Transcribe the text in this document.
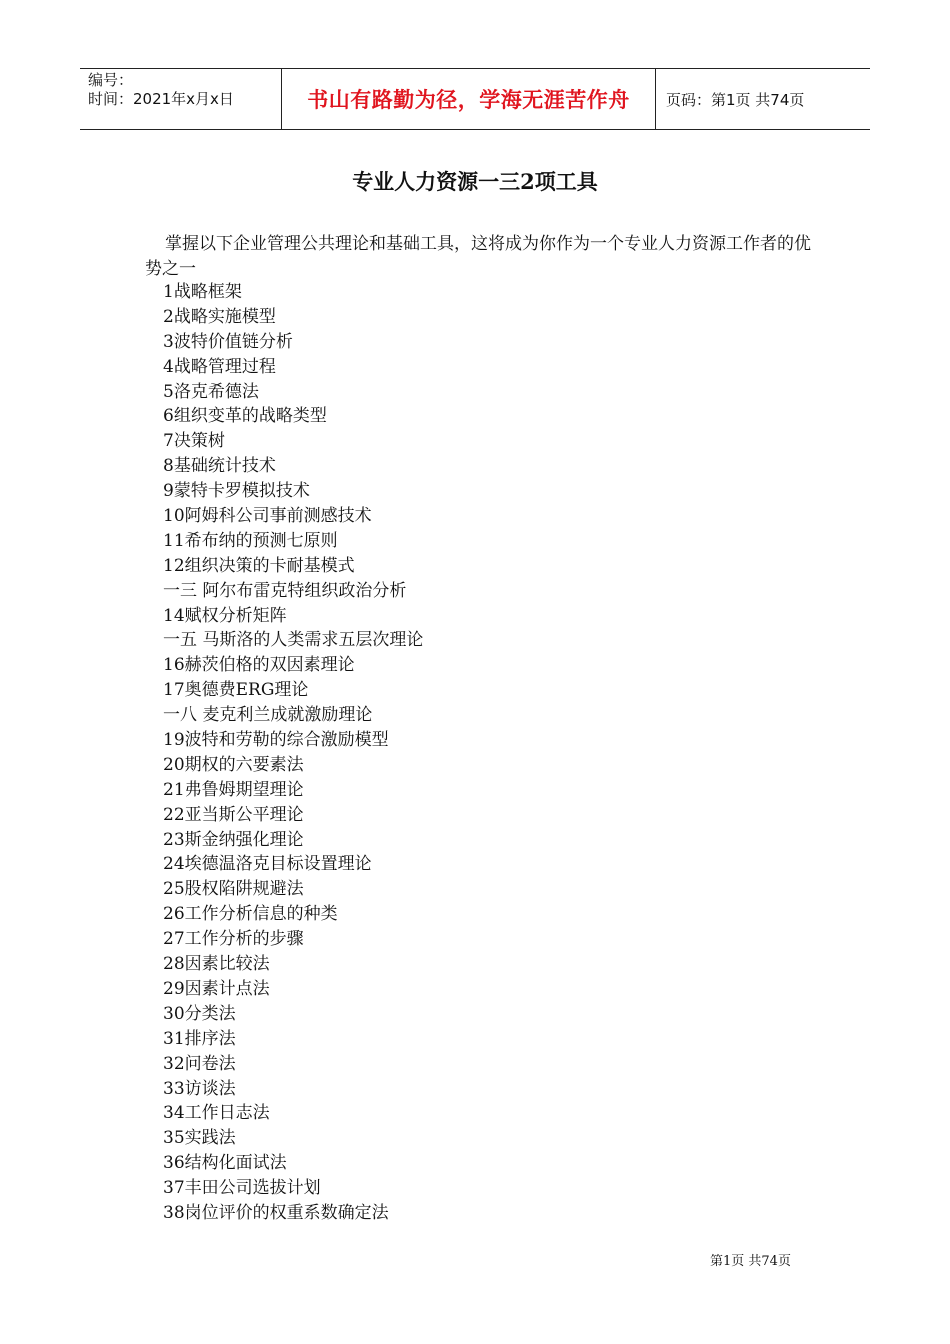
编号：
时间：2021年x月x日	书山有路勤为径，学海无涯苦作舟	页码：第1页 共74页
专业人力资源一三2项工具
掌握以下企业管理公共理论和基础工具，这将成为你作为一个专业人力资源工作者的优势之一
1战略框架
2战略实施模型
3波特价值链分析
4战略管理过程
5洛克希德法
6组织变革的战略类型
7决策树
8基础统计技术
9蒙特卡罗模拟技术
10阿姆科公司事前测感技术
11希布纳的预测七原则
12组织决策的卡耐基模式
一三 阿尔布雷克特组织政治分析
14赋权分析矩阵
一五 马斯洛的人类需求五层次理论
16赫茨伯格的双因素理论
17奥德费ERG理论
一八 麦克利兰成就激励理论
19波特和劳勒的综合激励模型
20期权的六要素法
21弗鲁姆期望理论
22亚当斯公平理论
23斯金纳强化理论
24埃德温洛克目标设置理论
25股权陷阱规避法
26工作分析信息的种类
27工作分析的步骤
28因素比较法
29因素计点法
30分类法
31排序法
32问卷法
33访谈法
34工作日志法
35实践法
36结构化面试法
37丰田公司选拔计划
38岗位评价的权重系数确定法
第1页 共74页
